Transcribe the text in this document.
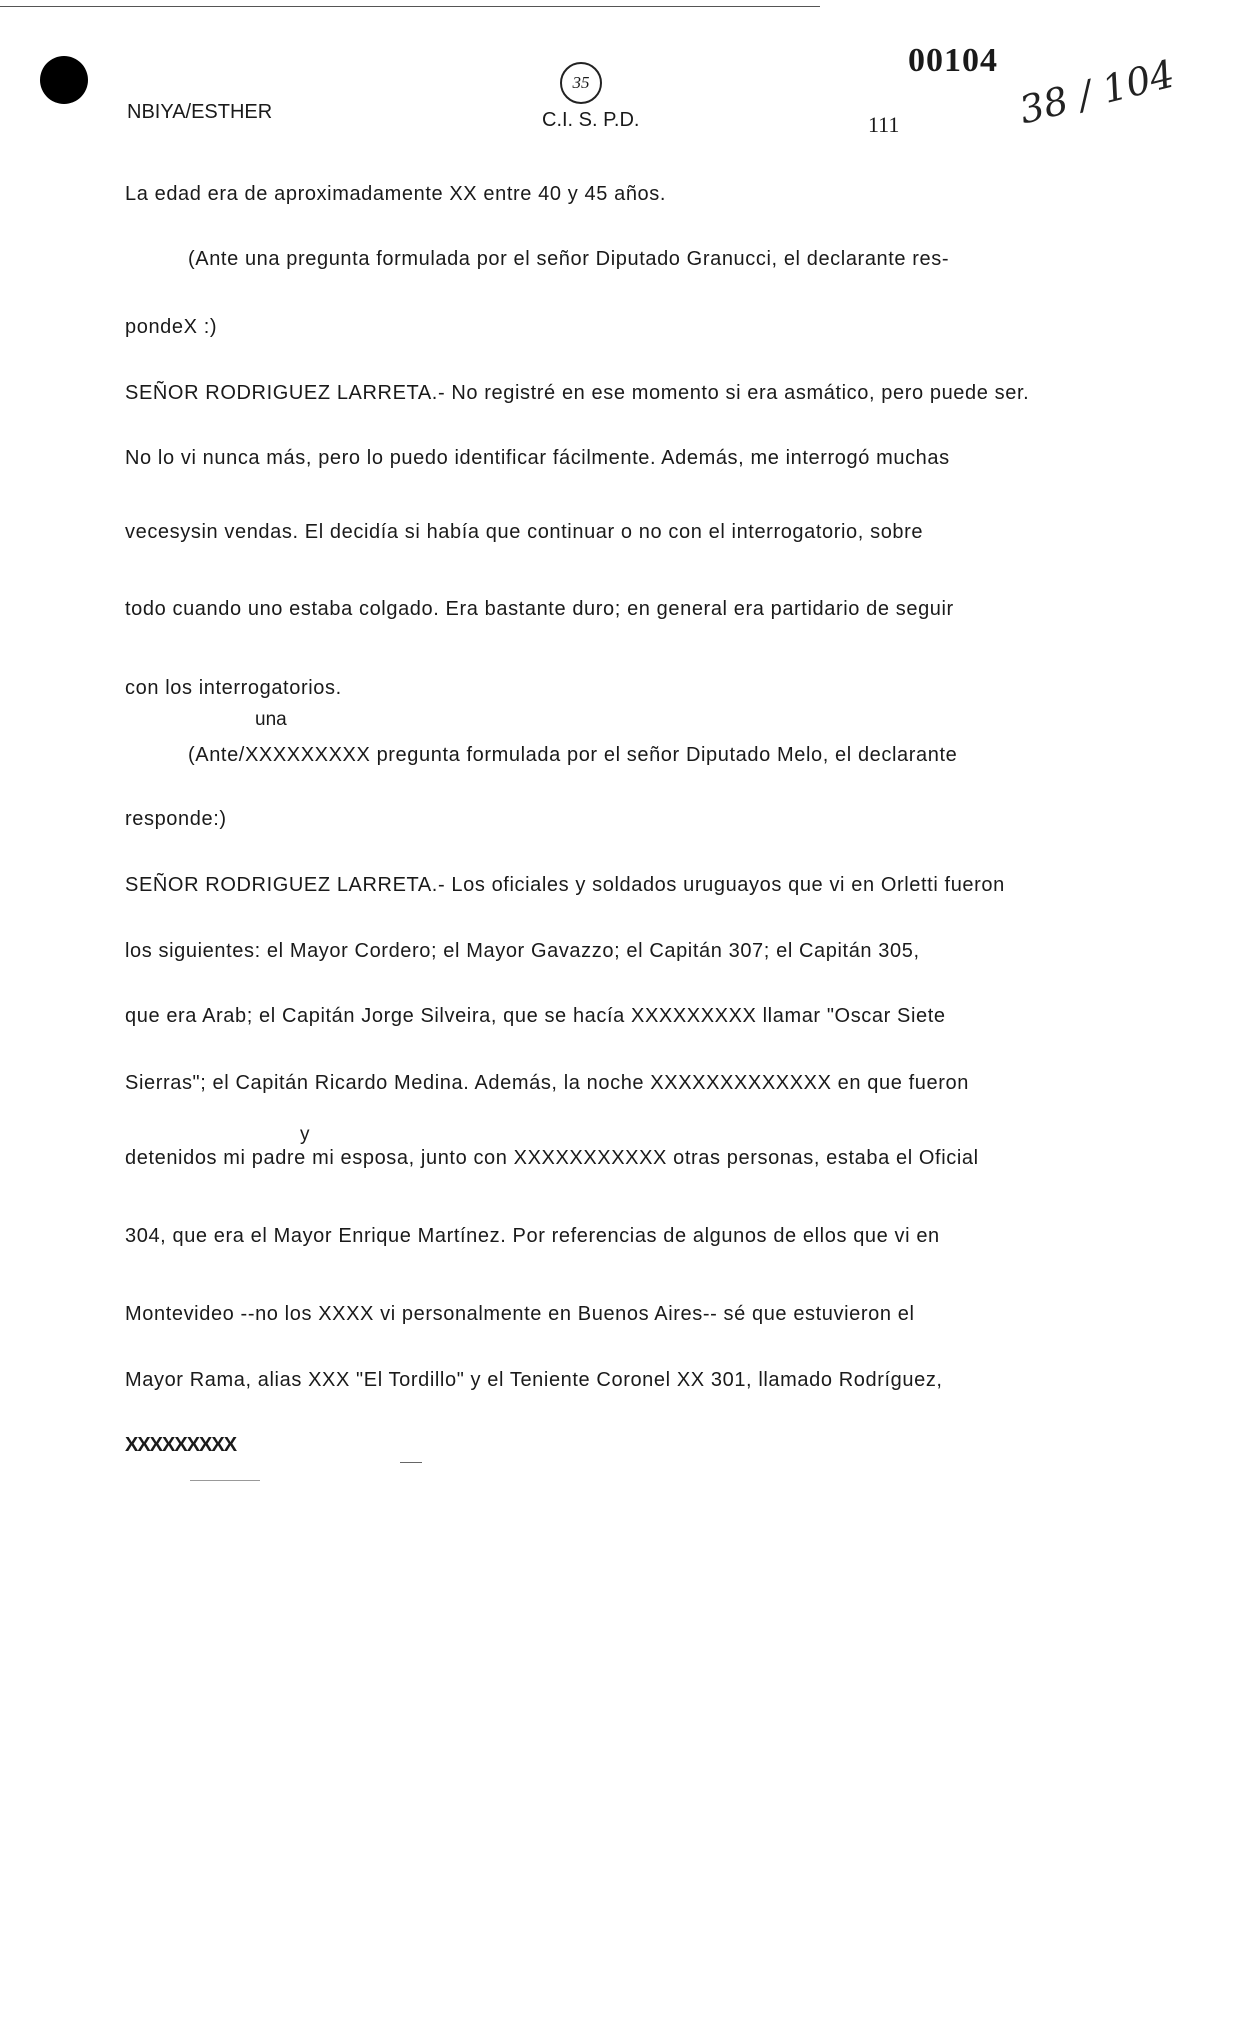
NBIYA/ESTHER
35
C.I. S. P.D.	111
00104 38 / 104
La edad era de aproximadamente XX entre 40 y 45 años.
(Ante una pregunta formulada por el señor Diputado Granucci, el declarante res-
pondeX :)
SEÑOR RODRIGUEZ LARRETA.- No registré en ese momento si era asmático, pero puede ser.
No lo vi nunca más, pero lo puedo identificar fácilmente. Además, me interrogó muchas
vecesysin vendas. El decidía si había que continuar o no con el interrogatorio, sobre
todo cuando uno estaba colgado. Era bastante duro; en general era partidario de seguir
con los interrogatorios.
una
(Ante/XXXXXXXXX pregunta formulada por el señor Diputado Melo, el declarante
responde:)
SEÑOR RODRIGUEZ LARRETA.- Los oficiales y soldados uruguayos que vi en Orletti fueron
los siguientes: el Mayor Cordero; el Mayor Gavazzo; el Capitán 307; el Capitán 305,
que era Arab; el Capitán Jorge Silveira, que se hacía XXXXXXXXX llamar "Oscar Siete
Sierras"; el Capitán Ricardo Medina. Además, la noche XXXXXXXXXXXXX en que fueron
y
detenidos mi padre mi esposa, junto con XXXXXXXXXXX otras personas, estaba el Oficial
304, que era el Mayor Enrique Martínez. Por referencias de algunos de ellos que vi en
Montevideo --no los XXXX vi personalmente en Buenos Aires-- sé que estuvieron el
Mayor Rama, alias XXX "El Tordillo" y el Teniente Coronel XX 301, llamado Rodríguez,
XXXXXXXXX
